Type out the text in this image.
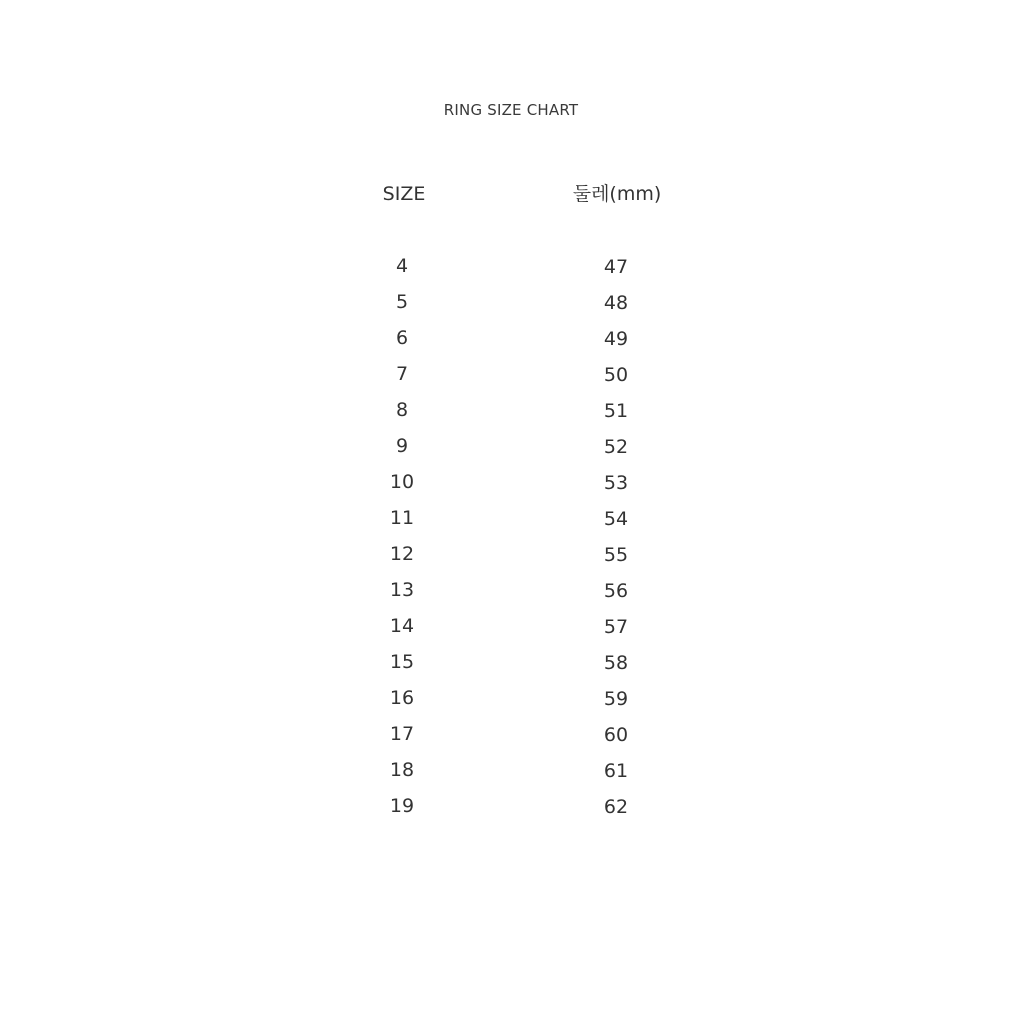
RING SIZE CHART
SIZE	둘레(mm)
4	47
5	48
6	49
7	50
8	51
9	52
10	53
11	54
12	55
13	56
14	57
15	58
16	59
17	60
18	61
19	62
